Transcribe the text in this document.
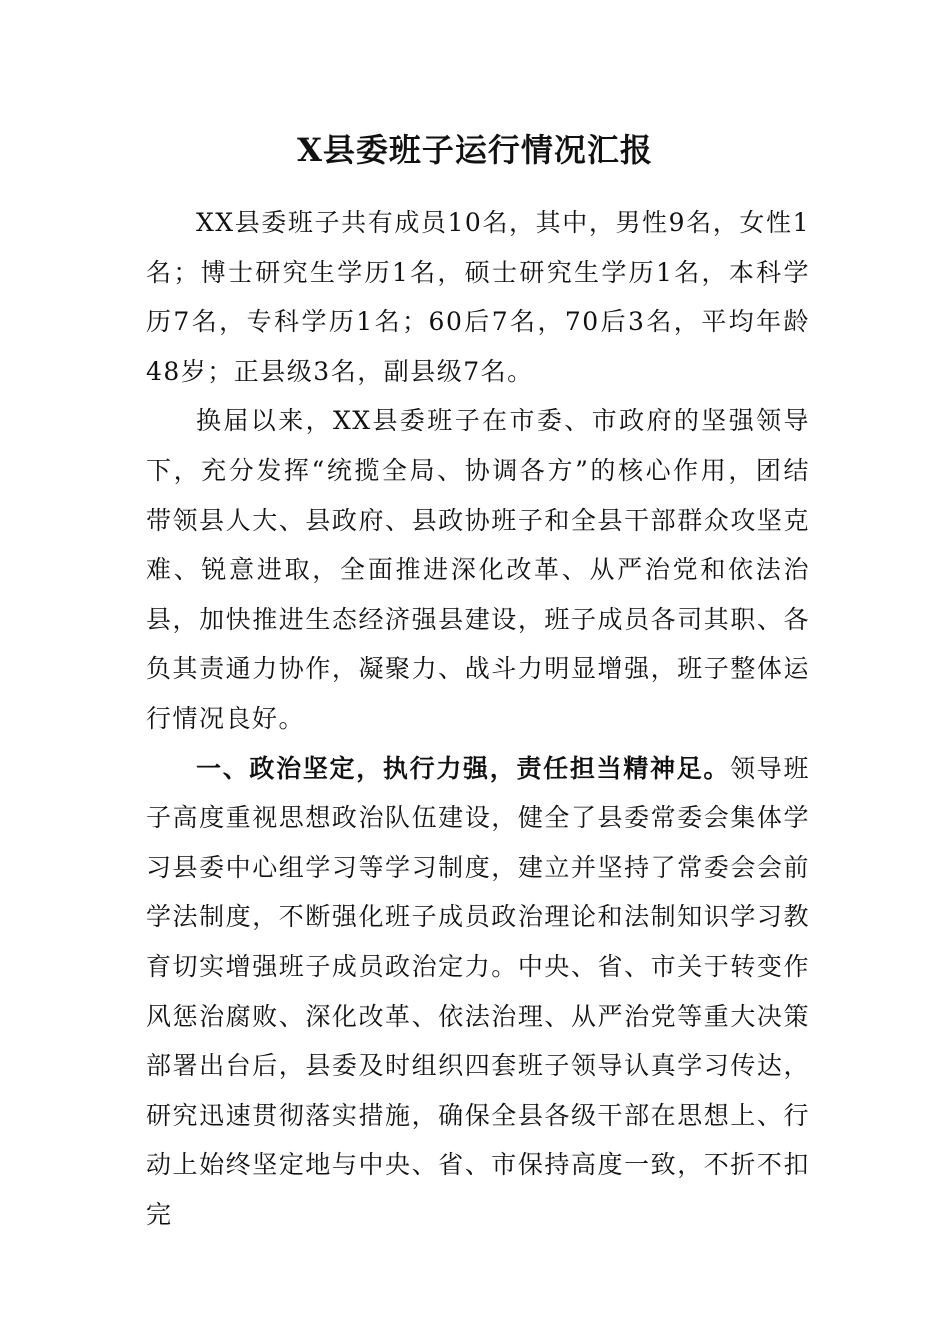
X县委班子运行情况汇报

XX县委班子共有成员10名，其中，男性9名，女性1名；博士研究生学历1名，硕士研究生学历1名，本科学历7名，专科学历1名；60后7名，70后3名，平均年龄48岁；正县级3名，副县级7名。

换届以来，XX县委班子在市委、市政府的坚强领导下，充分发挥“统揽全局、协调各方”的核心作用，团结带领县人大、县政府、县政协班子和全县干部群众攻坚克难、锐意进取，全面推进深化改革、从严治党和依法治县，加快推进生态经济强县建设，班子成员各司其职、各负其责通力协作，凝聚力、战斗力明显增强，班子整体运行情况良好。

一、政治坚定，执行力强，责任担当精神足。领导班子高度重视思想政治队伍建设，健全了县委常委会集体学习县委中心组学习等学习制度，建立并坚持了常委会会前学法制度，不断强化班子成员政治理论和法制知识学习教育切实增强班子成员政治定力。中央、省、市关于转变作风惩治腐败、深化改革、依法治理、从严治党等重大决策部署出台后，县委及时组织四套班子领导认真学习传达，研究迅速贯彻落实措施，确保全县各级干部在思想上、行动上始终坚定地与中央、省、市保持高度一致，不折不扣完
